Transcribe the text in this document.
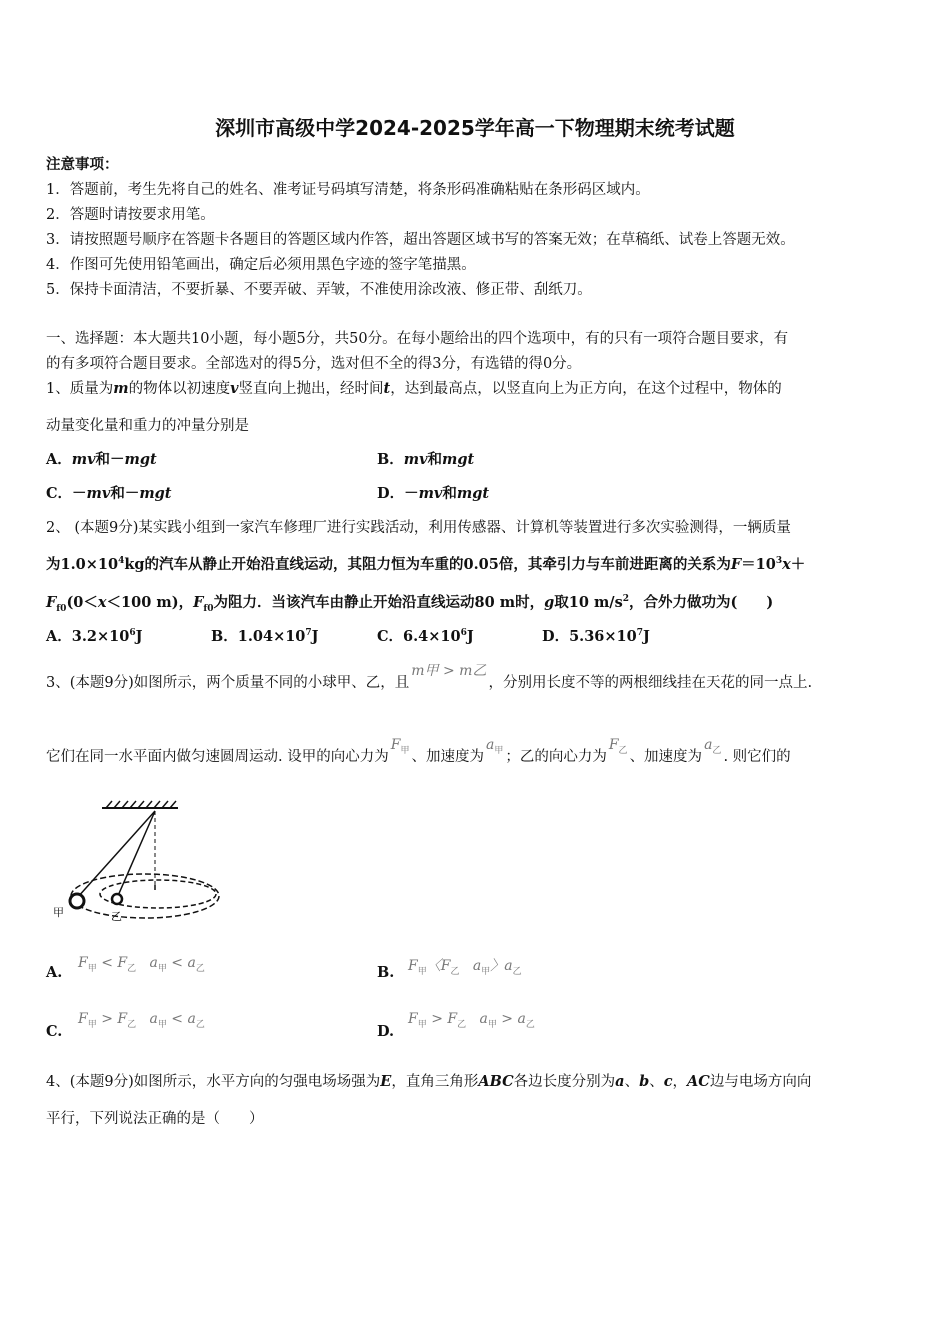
深圳市高级中学2024-2025学年高一下物理期末统考试题
注意事项：
1．答题前，考生先将自己的姓名、准考证号码填写清楚，将条形码准确粘贴在条形码区域内。
2．答题时请按要求用笔。
3．请按照题号顺序在答题卡各题目的答题区域内作答，超出答题区域书写的答案无效；在草稿纸、试卷上答题无效。
4．作图可先使用铅笔画出，确定后必须用黑色字迹的签字笔描黑。
5．保持卡面清洁，不要折暴、不要弄破、弄皱，不准使用涂改液、修正带、刮纸刀。
一、选择题：本大题共10小题，每小题5分，共50分。在每小题给出的四个选项中，有的只有一项符合题目要求，有
的有多项符合题目要求。全部选对的得5分，选对但不全的得3分，有选错的得0分。
1、质量为m的物体以初速度v竖直向上抛出，经时间t，达到最高点，以竖直向上为正方向，在这个过程中，物体的
动量变化量和重力的冲量分别是
A．mv和－mgt	B．mv和mgt
C．－mv和－mgt	D．－mv和mgt
2、 (本题9分)某实践小组到一家汽车修理厂进行实践活动，利用传感器、计算机等装置进行多次实验测得，一辆质量
为$1.0\times 10^4kg$的汽车从静止开始沿直线运动，其阻力恒为车重的0.05倍，其牵引力与车前进距离的关系为$F=10^3x+$
$F_{f0}(0<x<100$ m)，$F_{f0}$为阻力．当该汽车由静止开始沿直线运动80 m时，g取10 $m/s^2$，合外力做功为(　　)
A．$3.2\times 10^6J$	B．$1.04\times 10^7J$	C．$6.4\times 10^6J$	D．$5.36\times 10^7J$
3、(本题9分)如图所示，两个质量不同的小球甲、乙，且m甲 > m乙，分别用长度不等的两根细线挂在天花的同一点上.
它们在同一水平面内做匀速圆周运动. 设甲的向心力为$F_甲$ 、加速度为$a_甲$ ；乙的向心力为$F_乙$ 、加速度为$a_乙$ . 则它们的
甲	乙
A.
$F_甲 < F_乙$ $a_甲 < a_乙$	B. $F_甲$〈$F_乙$ $a_甲$〉$a_乙$
C.
$F_甲 > F_乙$ $a_甲 < a_乙$	D.
$F_甲 > F_乙$ $a_甲 > a_乙$
4、(本题9分)如图所示，水平方向的匀强电场场强为E，直角三角形ABC各边长度分别为a、b、c，AC边与电场方向向
平行，下列说法正确的是（　　）
